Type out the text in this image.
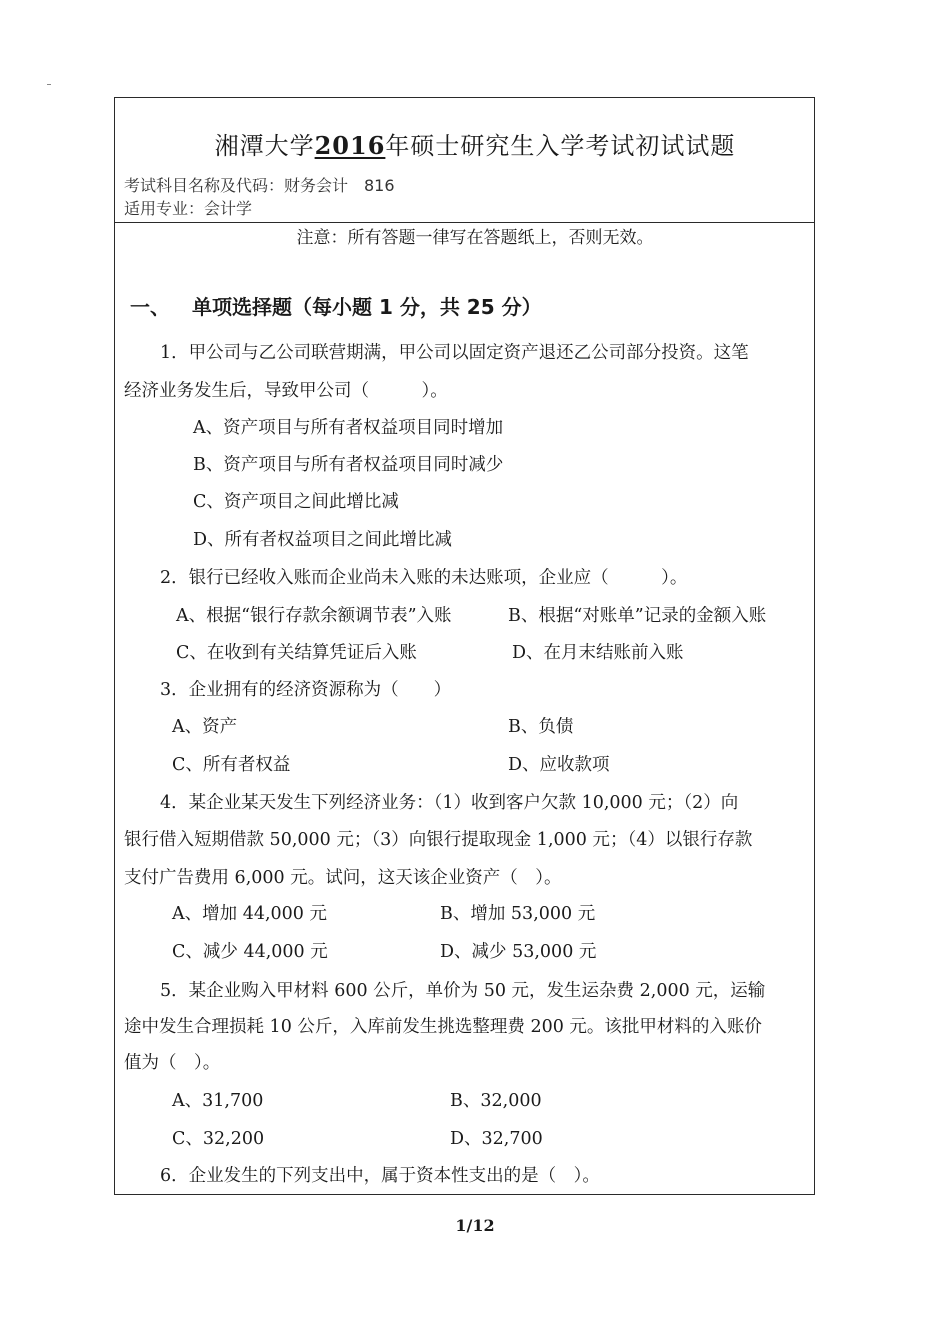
湘潭大学2016年硕士研究生入学考试初试试题
考试科目名称及代码：财务会计　816
适用专业：会计学
注意：所有答题一律写在答题纸上，否则无效。
一、 单项选择题（每小题 1 分，共 25 分）
1．甲公司与乙公司联营期满，甲公司以固定资产退还乙公司部分投资。这笔
经济业务发生后，导致甲公司（　　　）。
A、资产项目与所有者权益项目同时增加
B、资产项目与所有者权益项目同时减少
C、资产项目之间此增比减
D、所有者权益项目之间此增比减
2．银行已经收入账而企业尚未入账的未达账项，企业应（　　　）。
A、根据“银行存款余额调节表”入账	B、根据“对账单”记录的金额入账
C、在收到有关结算凭证后入账	D、在月末结账前入账
3．企业拥有的经济资源称为（　　）
A、资产	B、负债
C、所有者权益	D、应收款项
4．某企业某天发生下列经济业务：（1）收到客户欠款 10,000 元；（2）向
银行借入短期借款 50,000 元；（3）向银行提取现金 1,000 元；（4）以银行存款
支付广告费用 6,000 元。试问，这天该企业资产（　）。
A、增加 44,000 元	B、增加 53,000 元
C、减少 44,000 元	D、减少 53,000 元
5．某企业购入甲材料 600 公斤，单价为 50 元，发生运杂费 2,000 元，运输
途中发生合理损耗 10 公斤，入库前发生挑选整理费 200 元。该批甲材料的入账价
值为（　）。
A、31,700	B、32,000
C、32,200	D、32,700
6．企业发生的下列支出中，属于资本性支出的是（　）。
1/12
